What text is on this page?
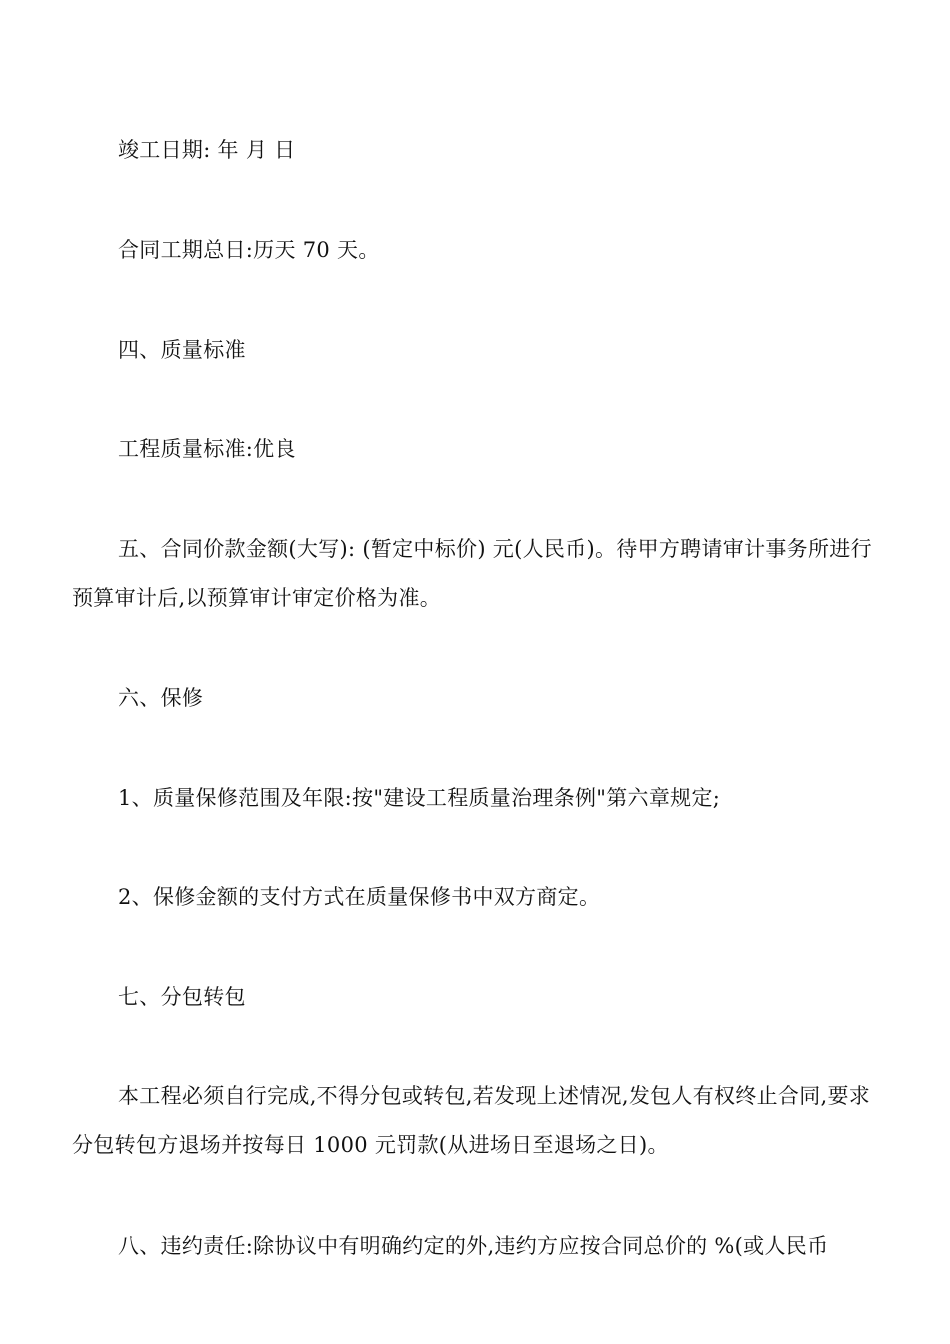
竣工日期: 年 月 日

合同工期总日:历天 70 天。

四、质量标准

工程质量标准:优良

五、合同价款金额(大写): (暂定中标价) 元(人民币)。待甲方聘请审计事务所进行预算审计后,以预算审计审定价格为准。

六、保修

1、质量保修范围及年限:按"建设工程质量治理条例"第六章规定;

2、保修金额的支付方式在质量保修书中双方商定。

七、分包转包

本工程必须自行完成,不得分包或转包,若发现上述情况,发包人有权终止合同,要求分包转包方退场并按每日 1000 元罚款(从进场日至退场之日)。

八、违约责任:除协议中有明确约定的外,违约方应按合同总价的 %(或人民币
